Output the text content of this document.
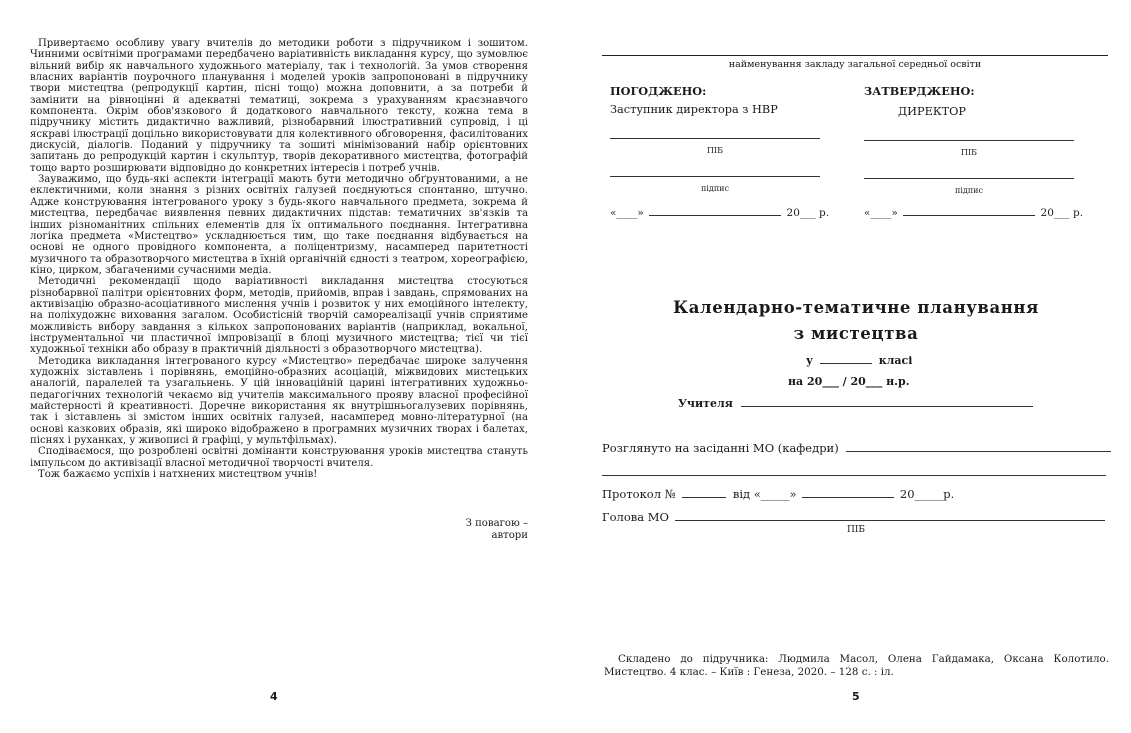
Привертаємо особливу увагу вчителів до методики роботи з підручником і зошитом. Чинними освітніми програмами передбачено варіативність викладання курсу, що зумовлює вільний вибір як навчального художнього матеріалу, так і технологій. За умов створення власних варіантів поурочного планування і моделей уроків запропоновані в підручнику твори мистецтва (репродукції картин, пісні тощо) можна доповнити, а за потреби й замінити на рівноцінні й адекватні тематиці, зокрема з урахуванням краєзнавчого компонента. Окрім обов'язкового й додаткового навчального тексту, кожна тема в підручнику містить дидактично важливий, різнобарвний ілюстративний супровід, і ці яскраві ілюстрації доцільно використовувати для колективного обговорення, фасилітованих дискусій, діалогів. Поданий у підручнику та зошиті мінімізований набір орієнтовних запитань до репродукцій картин і скульптур, творів декоративного мистецтва, фотографій тощо варто розширювати відповідно до конкретних інтересів і потреб учнів.

Зауважимо, що будь-які аспекти інтеграції мають бути методично обґрунтованими, а не еклектичними, коли знання з різних освітніх галузей поєднуються спонтанно, штучно. Адже конструювання інтегрованого уроку з будь-якого навчального предмета, зокрема й мистецтва, передбачає виявлення певних дидактичних підстав: тематичних зв'язків та інших різноманітних спільних елементів для їх оптимального поєднання. Інтегративна логіка предмета «Мистецтво» ускладнюється тим, що таке поєднання відбувається на основі не одного провідного компонента, а поліцентризму, насамперед паритетності музичного та образотворчого мистецтва в їхній органічній єдності з театром, хореографією, кіно, цирком, збагаченими сучасними медіа.

Методичні рекомендації щодо варіативності викладання мистецтва стосуються різнобарвної палітри орієнтовних форм, методів, прийомів, вправ і завдань, спрямованих на активізацію образно-асоціативного мислення учнів і розвиток у них емоційного інтелекту, на поліхудожнє виховання загалом. Особистісній творчій самореалізації учнів сприятиме можливість вибору завдання з кількох запропонованих варіантів (наприклад, вокальної, інструментальної чи пластичної імпровізації в блоці музичного мистецтва; тієї чи тієї художньої техніки або образу в практичній діяльності з образотворчого мистецтва).

Методика викладання інтегрованого курсу «Мистецтво» передбачає широке залучення художніх зіставлень і порівнянь, емоційно-образних асоціацій, міжвидових мистецьких аналогій, паралелей та узагальнень. У цій інноваційній царині інтегративних художньо-педагогічних технологій чекаємо від учителів максимального прояву власної професійної майстерності й креативності. Доречне використання як внутрішньогалузевих порівнянь, так і зіставлень зі змістом інших освітніх галузей, насамперед мовно-літературної (на основі казкових образів, які широко відображено в програмних музичних творах і балетах, піснях і руханках, у живописі й графіці, у мультфільмах).

Сподіваємося, що розроблені освітні домінанти конструювання уроків мистецтва стануть імпульсом до активізації власної методичної творчості вчителя.

Тож бажаємо успіхів і натхнених мистецтвом учнів!

З повагою –
автори
4
найменування закладу загальної середньої освіти
ПОГОДЖЕНО:
Заступник директора з НВР
ПІБ
підпис
«____»	20___ р.
ЗАТВЕРДЖЕНО:
ДИРЕКТОР
ПІБ
підпис
«____»	20___ р.
Календарно-тематичне планування
з мистецтва
у	класі
на 20___ / 20___ н.р.
Учителя
Розглянуто на засіданні МО (кафедри)
Протокол №	від «_____»	20_____р.
Голова МО
ПІБ
Складено до підручника: Людмила Масол, Олена Гайдамака, Оксана Колотило. Мистецтво. 4 клас. – Київ : Генеза, 2020. – 128 с. : іл.
5
